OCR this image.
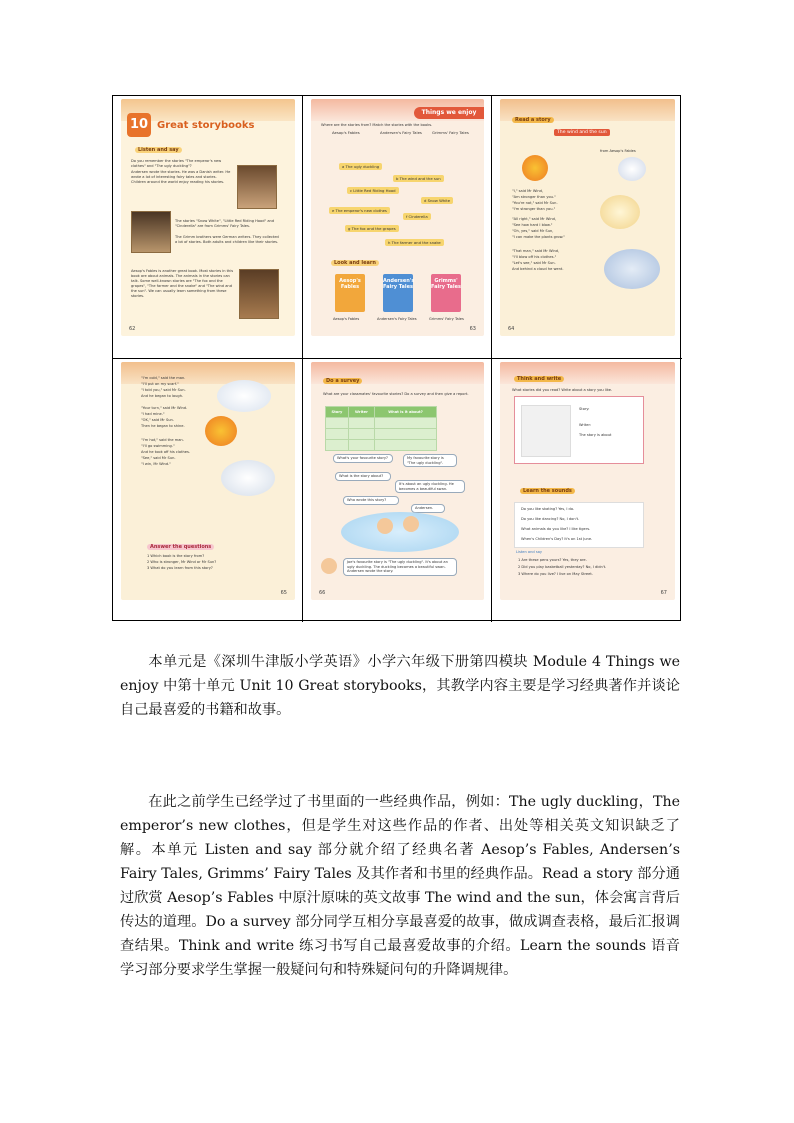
10 Great storybooks
Listen and say
Do you remember the stories "The emperor's new clothes" and "The ugly duckling"?
Andersen wrote the stories. He was a Danish writer. He wrote a lot of interesting fairy tales and stories. Children around the world enjoy reading his stories.
The stories "Snow White", "Little Red Riding Hood" and "Cinderella" are from Grimms' Fairy Tales.
The Grimm brothers were German writers. They collected a lot of stories. Both adults and children like their stories.
Aesop's Fables is another great book. Most stories in this book are about animals. The animals in the stories can talk. Some well-known stories are "The fox and the grapes", "The farmer and the snake" and "The wind and the sun". We can usually learn something from these stories.
62
Things we enjoy
Where are the stories from? Match the stories with the books.
Aesop's Fables	Andersen's Fairy Tales	Grimms' Fairy Tales
a The ugly duckling
b The wind and the sun
c Little Red Riding Hood
d Snow White
e The emperor's new clothes
f Cinderella
g The fox and the grapes
h The farmer and the snake
Look and learn
Aesop's Fables
Andersen's Fairy Tales
Grimms' Fairy Tales
Aesop's Fables	Andersen's Fairy Tales	Grimms' Fairy Tales
63
Read a story
The wind and the sun
from Aesop's Fables
"I," said Mr Wind,
"Am stronger than you."
"You're not," said Mr Sun.
"I'm stronger than you."
"All right," said Mr Wind,
"See how hard I blow."
"Oh, yes," said Mr Sun,
"I can make the plants grow."
"That man," said Mr Wind,
"I'll blow off his clothes."
"Let's see," said Mr Sun.
And behind a cloud he went.
64
"I'm cold," said the man.
"I'll put on my scarf."
"I told you," said Mr Sun.
And he began to laugh.
"Your turn," said Mr Wind.
"I had mine."
"OK," said Mr Sun.
Then he began to shine.
"I'm hot," said the man.
"I'll go swimming."
And he took off his clothes.
"See," said Mr Sun.
"I win, Mr Wind."
Answer the questions
1 Which book is the story from?
2 Who is stronger, Mr Wind or Mr Sun?
3 What do you learn from this story?
65
Do a survey
What are your classmates' favourite stories? Do a survey and then give a report.
Story	Writer	What is it about?

What's your favourite story?	My favourite story is "The ugly duckling".
What is the story about?
It's about an ugly duckling. He becomes a beautiful swan.
Who wrote this story?
Andersen.
Joe's favourite story is "The ugly duckling". It's about an ugly duckling. The duckling becomes a beautiful swan. Andersen wrote the story.
66
Think and write
What stories did you read? Write about a story you like.
Story:
Writer:
The story is about
Learn the sounds
Do you like skating? Yes, I do.
Do you like dancing? No, I don't.
What animals do you like? I like tigers.
When's Children's Day? It's on 1st June.
Listen and say
1 Are these pens yours? Yes, they are.
2 Did you play basketball yesterday? No, I didn't.
3 Where do you live? I live on May Street.
67

本单元是《深圳牛津版小学英语》小学六年级下册第四模块 Module 4 Things we enjoy 中第十单元 Unit 10 Great storybooks，其教学内容主要是学习经典著作并谈论自己最喜爱的书籍和故事。

在此之前学生已经学过了书里面的一些经典作品，例如：The ugly duckling，The emperor’s new clothes，但是学生对这些作品的作者、出处等相关英文知识缺乏了解。本单元 Listen and say 部分就介绍了经典名著 Aesop’s Fables, Andersen’s Fairy Tales, Grimms’ Fairy Tales 及其作者和书里的经典作品。Read a story 部分通过欣赏 Aesop’s Fables 中原汁原味的英文故事 The wind and the sun，体会寓言背后传达的道理。Do a survey 部分同学互相分享最喜爱的故事，做成调查表格，最后汇报调查结果。Think and write 练习书写自己最喜爱故事的介绍。Learn the sounds 语音学习部分要求学生掌握一般疑问句和特殊疑问句的升降调规律。
